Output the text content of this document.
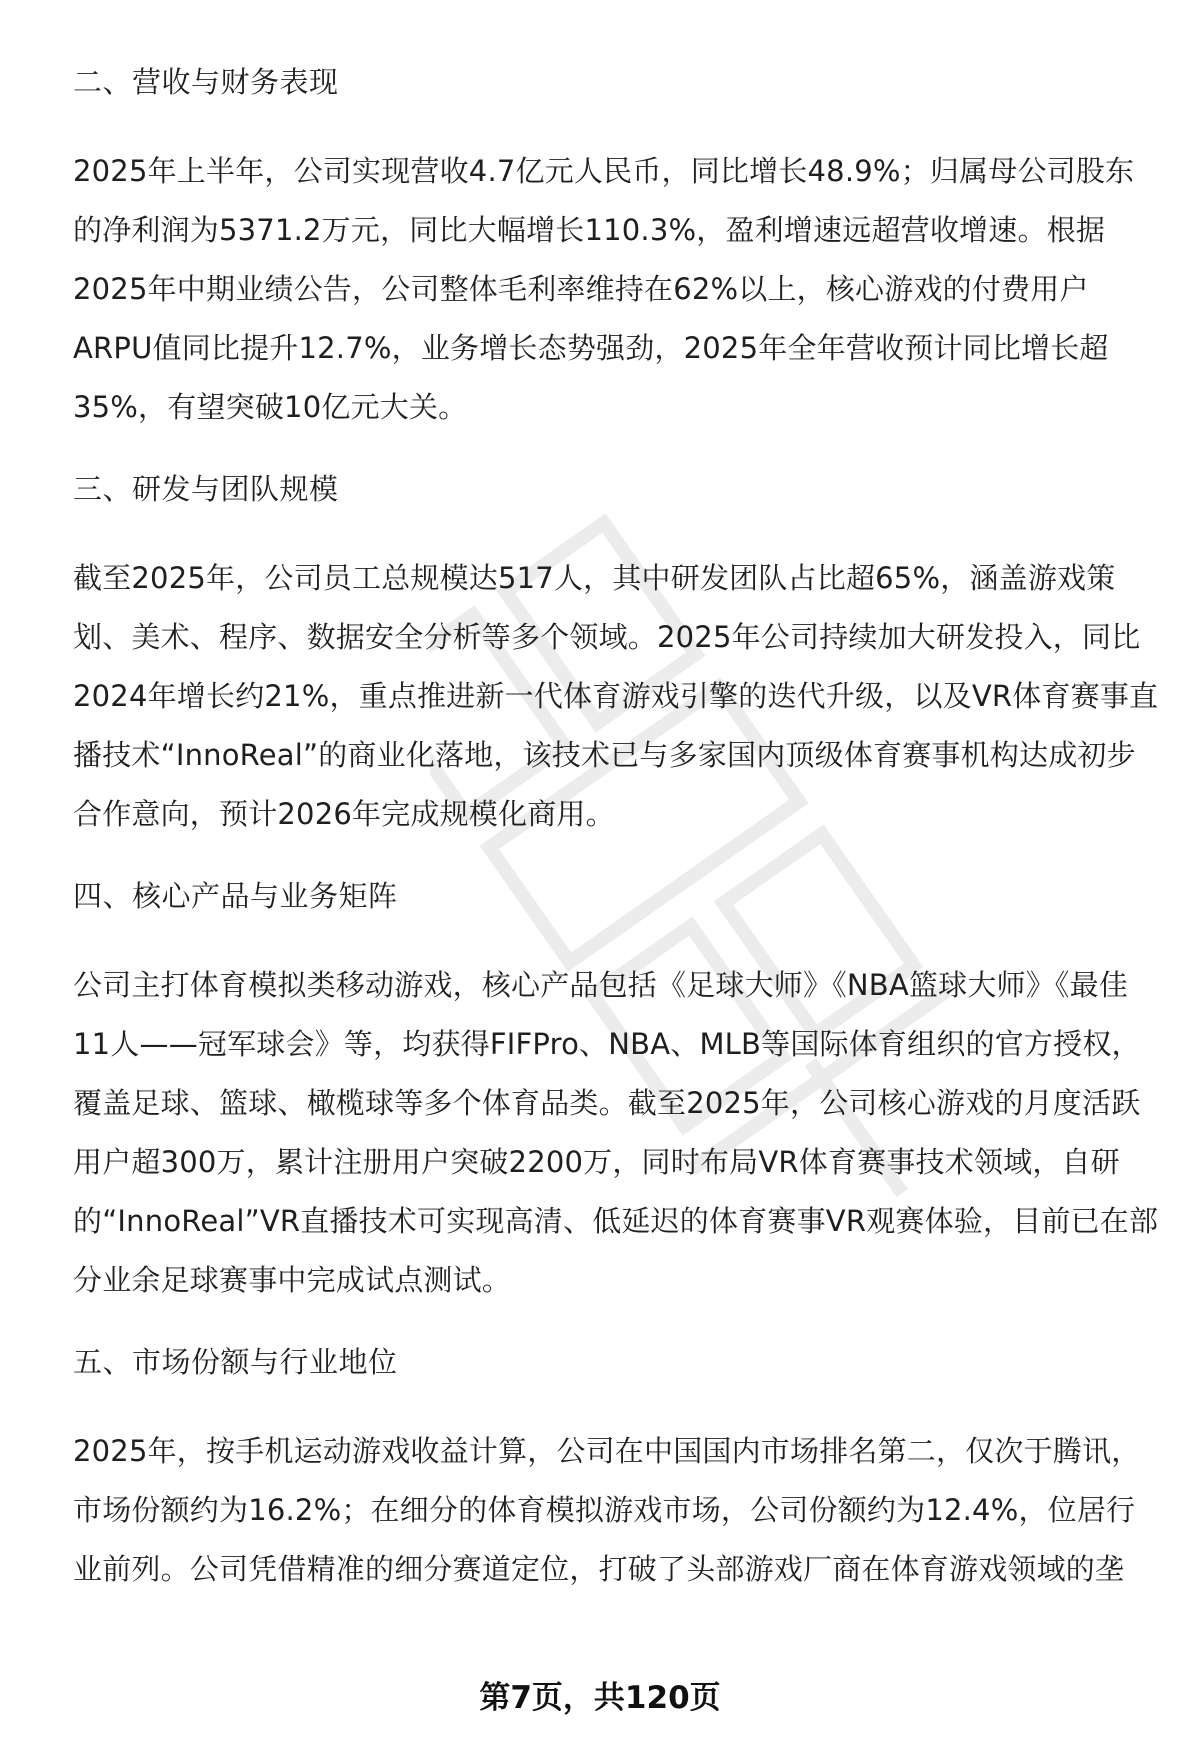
二、营收与财务表现

2025年上半年，公司实现营收4.7亿元人民币，同比增长48.9%；归属母公司股东的净利润为5371.2万元，同比大幅增长110.3%，盈利增速远超营收增速。根据2025年中期业绩公告，公司整体毛利率维持在62%以上，核心游戏的付费用户ARPU值同比提升12.7%，业务增长态势强劲，2025年全年营收预计同比增长超35%，有望突破10亿元大关。

三、研发与团队规模

截至2025年，公司员工总规模达517人，其中研发团队占比超65%，涵盖游戏策划、美术、程序、数据安全分析等多个领域。2025年公司持续加大研发投入，同比2024年增长约21%，重点推进新一代体育游戏引擎的迭代升级，以及VR体育赛事直播技术“InnoReal”的商业化落地，该技术已与多家国内顶级体育赛事机构达成初步合作意向，预计2026年完成规模化商用。

四、核心产品与业务矩阵

公司主打体育模拟类移动游戏，核心产品包括《足球大师》《NBA篮球大师》《最佳11人——冠军球会》等，均获得FIFPro、NBA、MLB等国际体育组织的官方授权，覆盖足球、篮球、橄榄球等多个体育品类。截至2025年，公司核心游戏的月度活跃用户超300万，累计注册用户突破2200万，同时布局VR体育赛事技术领域，自研的“InnoReal”VR直播技术可实现高清、低延迟的体育赛事VR观赛体验，目前已在部分业余足球赛事中完成试点测试。

五、市场份额与行业地位

2025年，按手机运动游戏收益计算，公司在中国国内市场排名第二，仅次于腾讯，市场份额约为16.2%；在细分的体育模拟游戏市场，公司份额约为12.4%，位居行业前列。公司凭借精准的细分赛道定位，打破了头部游戏厂商在体育游戏领域的垄

第7页，共120页
